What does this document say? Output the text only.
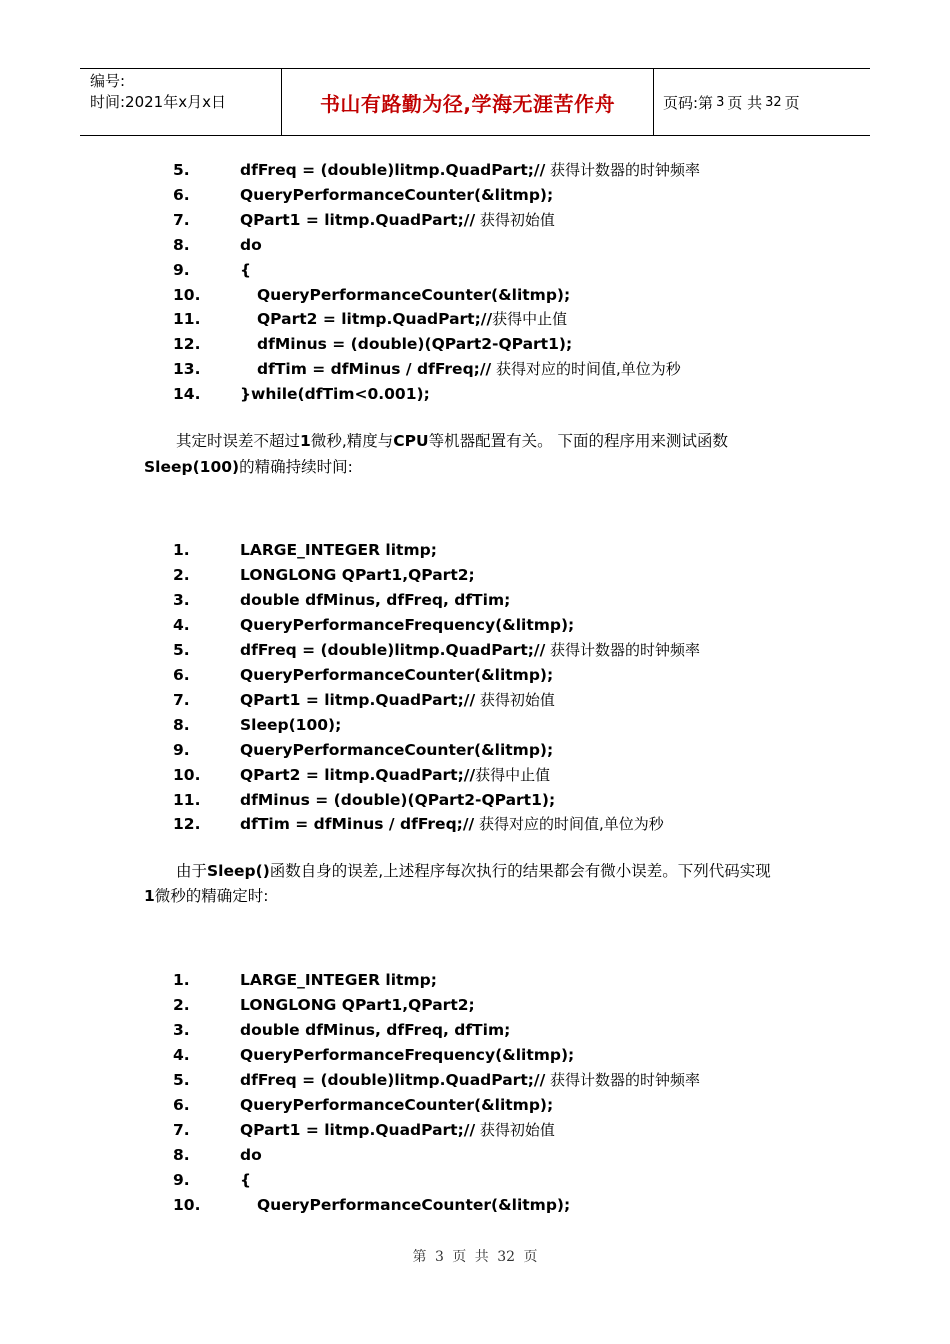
编号:
时间:2021年x月x日	书山有路勤为径,学海无涯苦作舟	页码:第 3 页 共 32 页
5.	dfFreq = (double)litmp.QuadPart;// 获得计数器的时钟频率
6.	QueryPerformanceCounter(&litmp);
7.	QPart1 = litmp.QuadPart;// 获得初始值
8.	do
9.	{
10.	QueryPerformanceCounter(&litmp);
11.	QPart2 = litmp.QuadPart;//获得中止值
12.	dfMinus = (double)(QPart2-QPart1);
13.	dfTim = dfMinus / dfFreq;// 获得对应的时间值,单位为秒
14.	}while(dfTim<0.001);
其定时误差不超过1微秒,精度与CPU等机器配置有关。 下面的程序用来测试函数
Sleep(100)的精确持续时间:
1.	LARGE_INTEGER litmp;
2.	LONGLONG QPart1,QPart2;
3.	double dfMinus, dfFreq, dfTim;
4.	QueryPerformanceFrequency(&litmp);
5.	dfFreq = (double)litmp.QuadPart;// 获得计数器的时钟频率
6.	QueryPerformanceCounter(&litmp);
7.	QPart1 = litmp.QuadPart;// 获得初始值
8.	Sleep(100);
9.	QueryPerformanceCounter(&litmp);
10.	QPart2 = litmp.QuadPart;//获得中止值
11.	dfMinus = (double)(QPart2-QPart1);
12.	dfTim = dfMinus / dfFreq;// 获得对应的时间值,单位为秒
由于Sleep()函数自身的误差,上述程序每次执行的结果都会有微小误差。下列代码实现
1微秒的精确定时:
1.	LARGE_INTEGER litmp;
2.	LONGLONG QPart1,QPart2;
3.	double dfMinus, dfFreq, dfTim;
4.	QueryPerformanceFrequency(&litmp);
5.	dfFreq = (double)litmp.QuadPart;// 获得计数器的时钟频率
6.	QueryPerformanceCounter(&litmp);
7.	QPart1 = litmp.QuadPart;// 获得初始值
8.	do
9.	{
10.	QueryPerformanceCounter(&litmp);
第 3 页 共 32 页
